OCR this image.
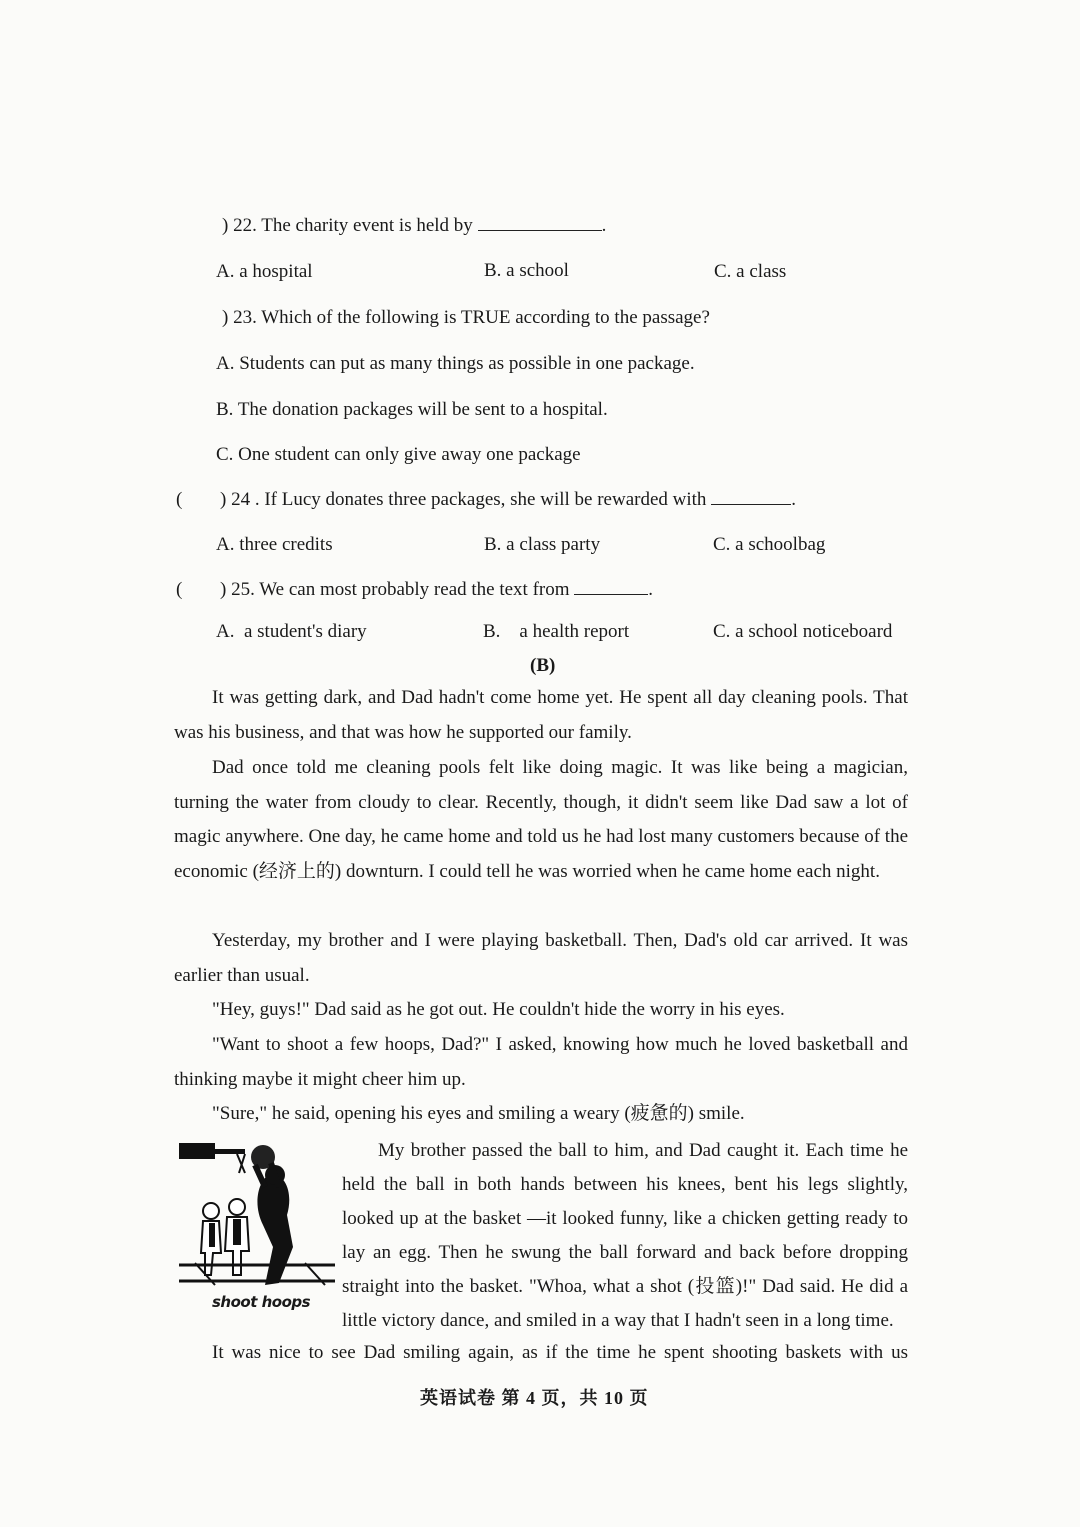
) 22. The charity event is held by	.
A. a hospital	B. a school	C. a class
) 23. Which of the following is TRUE according to the passage?
A. Students can put as many things as possible in one package.
B. The donation packages will be sent to a hospital.
C. One student can only give away one package
( ) 24 . If Lucy donates three packages, she will be rewarded with	.
A. three credits	B. a class party	C. a schoolbag
( ) 25. We can most probably read the text from	.
A.  a student's diary	B.    a health report	C. a school noticeboard
(B)
It was getting dark, and Dad hadn't come home yet. He spent all day cleaning pools. That was his business, and that was how he supported our family.
Dad once told me cleaning pools felt like doing magic. It was like being a magician, turning the water from cloudy to clear. Recently, though, it didn't seem like Dad saw a lot of magic anywhere. One day, he came home and told us he had lost many customers because of the economic (经济上的) downturn. I could tell he was worried when he came home each night.
Yesterday, my brother and I were playing basketball. Then, Dad's old car arrived. It was earlier than usual.
"Hey, guys!" Dad said as he got out. He couldn't hide the worry in his eyes.
"Want to shoot a few hoops, Dad?" I asked, knowing how much he loved basketball and thinking maybe it might cheer him up.
"Sure," he said, opening his eyes and smiling a weary (疲惫的) smile.
shoot hoops
My brother passed the ball to him, and Dad caught it. Each time he held the ball in both hands between his knees, bent his legs slightly, looked up at the basket —it looked funny, like a chicken getting ready to lay an egg. Then he swung the ball forward and back before dropping straight into the basket. "Whoa, what a shot (投篮)!" Dad said. He did a little victory dance, and smiled in a way that I hadn't seen in a long time.
It was nice to see Dad smiling again, as if the time he spent shooting baskets with us
英语试卷 第 4 页，共 10 页
